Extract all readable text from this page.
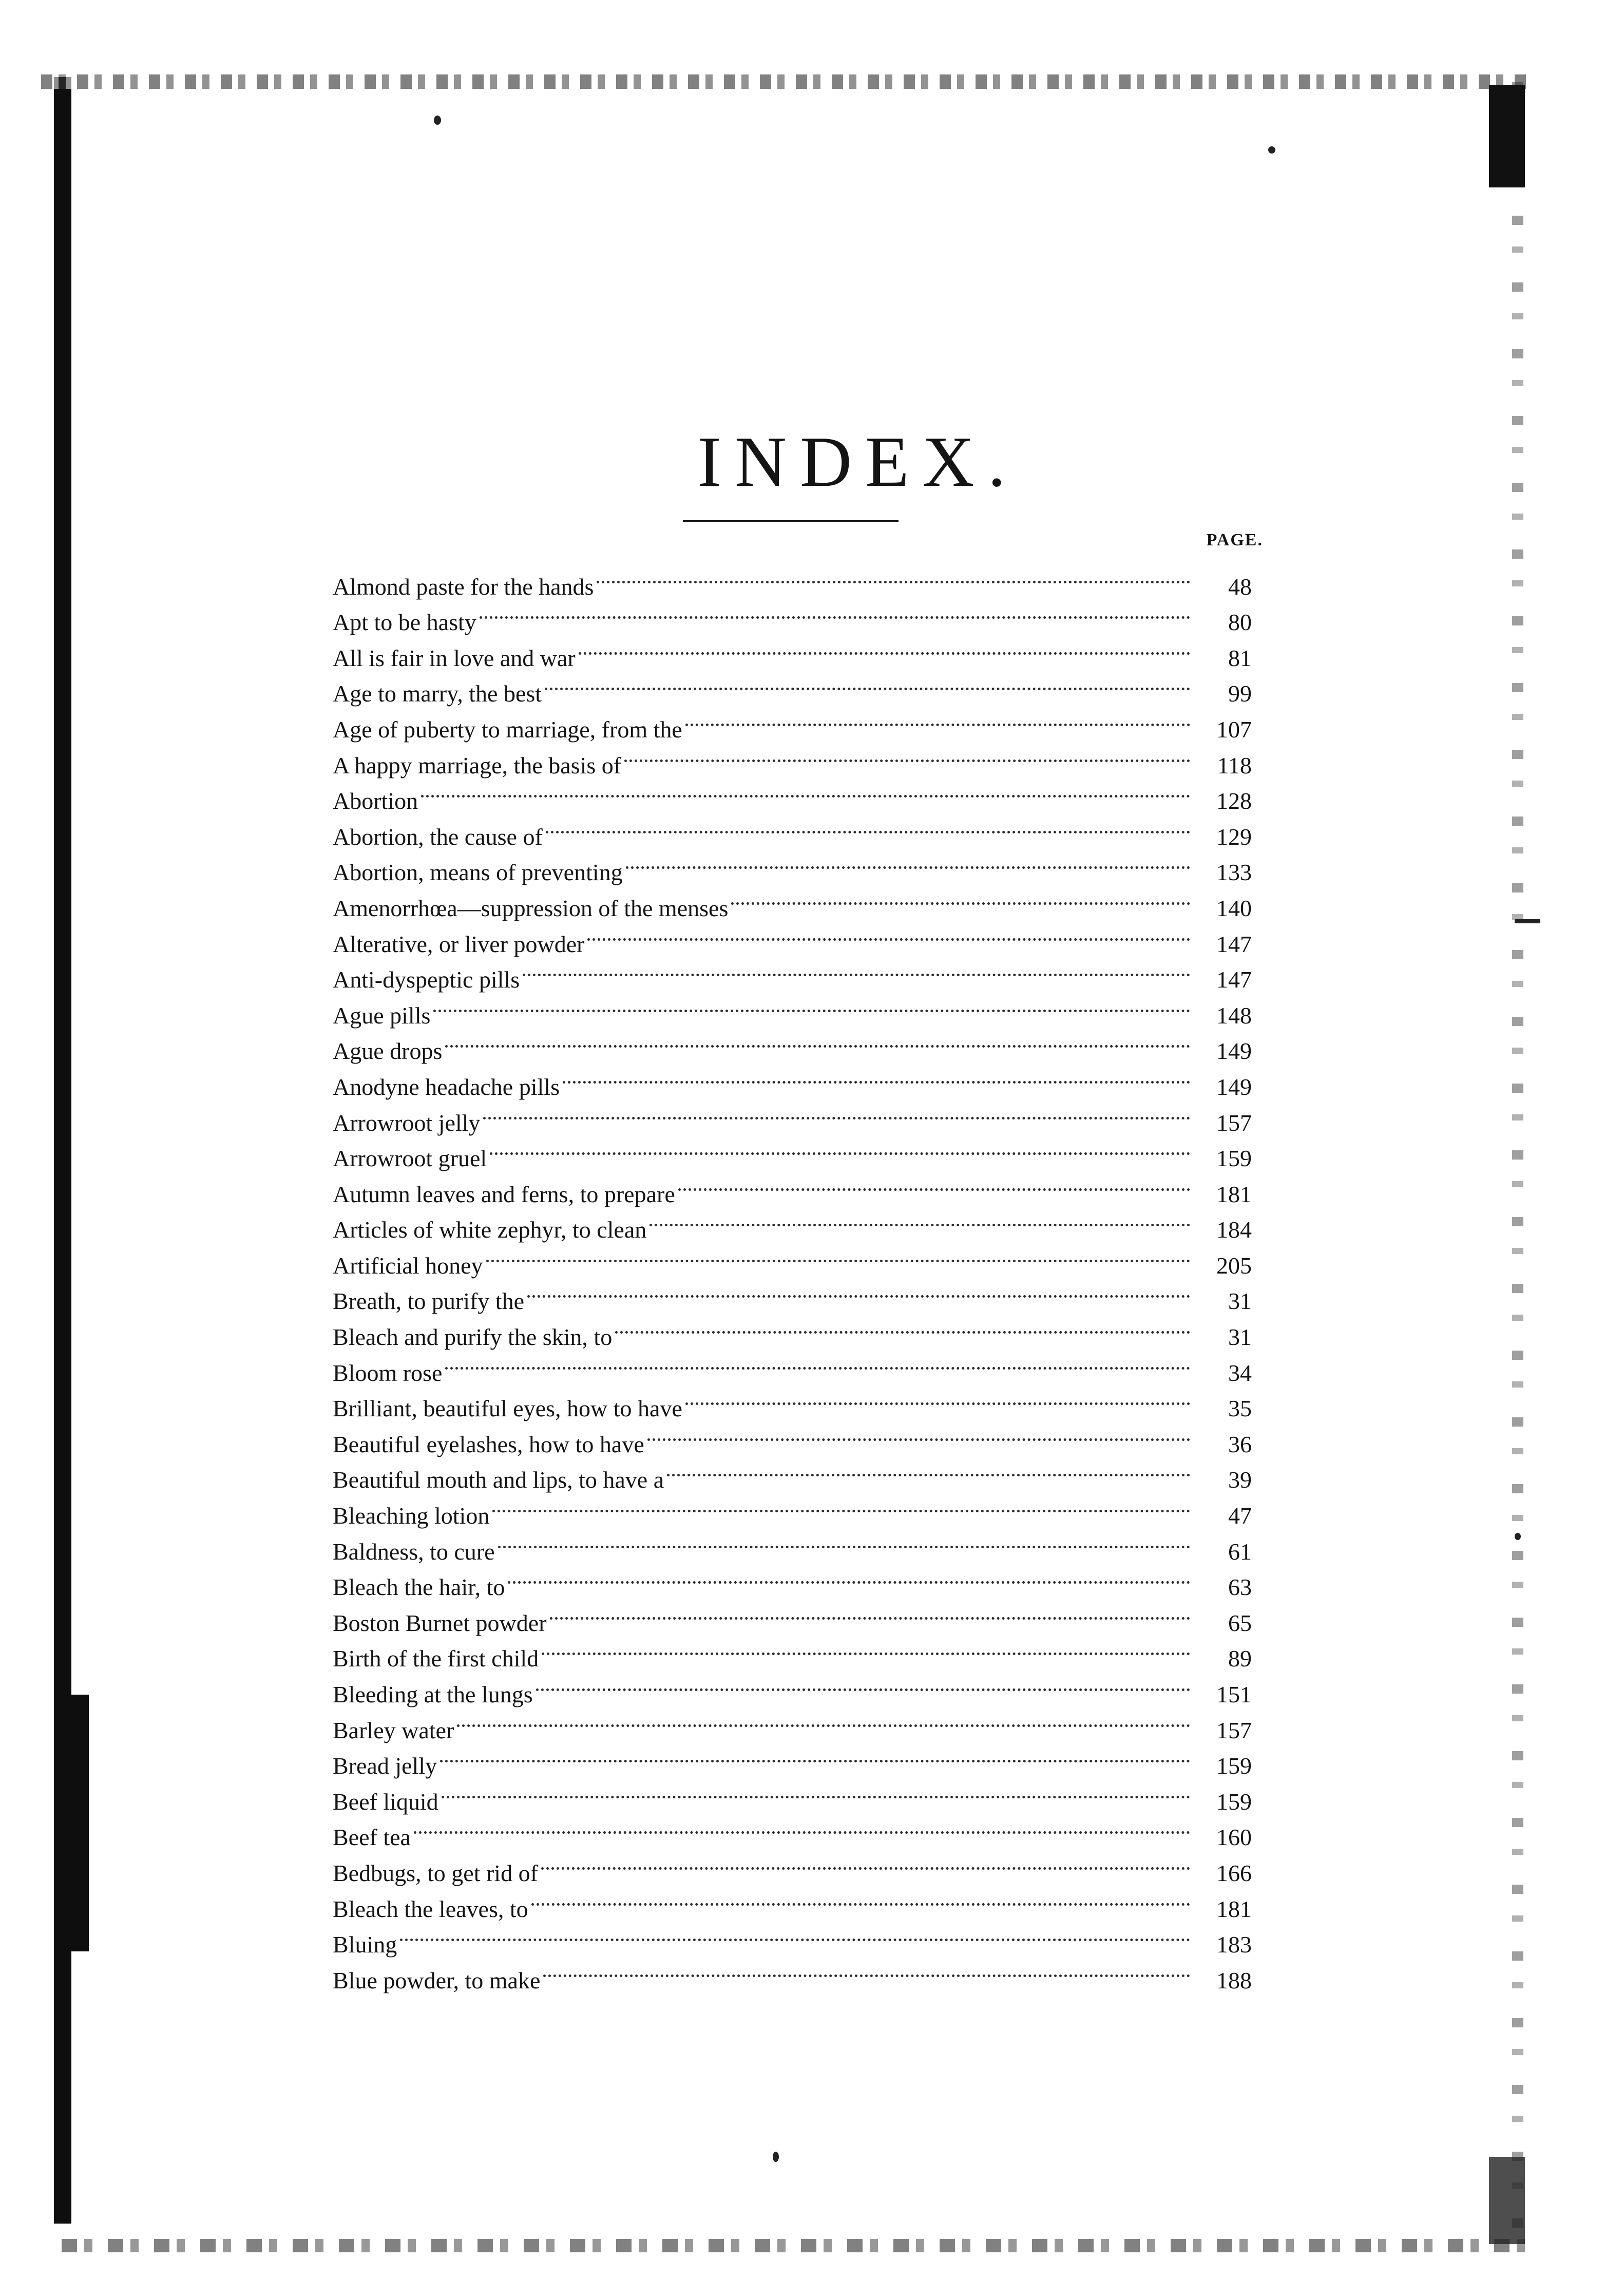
INDEX.
PAGE.
Almond paste for the hands	48
Apt to be hasty	80
All is fair in love and war	81
Age to marry, the best	99
Age of puberty to marriage, from the	107
A happy marriage, the basis of	118
Abortion	128
Abortion, the cause of	129
Abortion, means of preventing	133
Amenorrhœa—suppression of the menses	140
Alterative, or liver powder	147
Anti-dyspeptic pills	147
Ague pills	148
Ague drops	149
Anodyne headache pills	149
Arrowroot jelly	157
Arrowroot gruel	159
Autumn leaves and ferns, to prepare	181
Articles of white zephyr, to clean	184
Artificial honey	205
Breath, to purify the	31
Bleach and purify the skin, to	31
Bloom rose	34
Brilliant, beautiful eyes, how to have	35
Beautiful eyelashes, how to have	36
Beautiful mouth and lips, to have a	39
Bleaching lotion	47
Baldness, to cure	61
Bleach the hair, to	63
Boston Burnet powder	65
Birth of the first child	89
Bleeding at the lungs	151
Barley water	157
Bread jelly	159
Beef liquid	159
Beef tea	160
Bedbugs, to get rid of	166
Bleach the leaves, to	181
Bluing	183
Blue powder, to make	188
